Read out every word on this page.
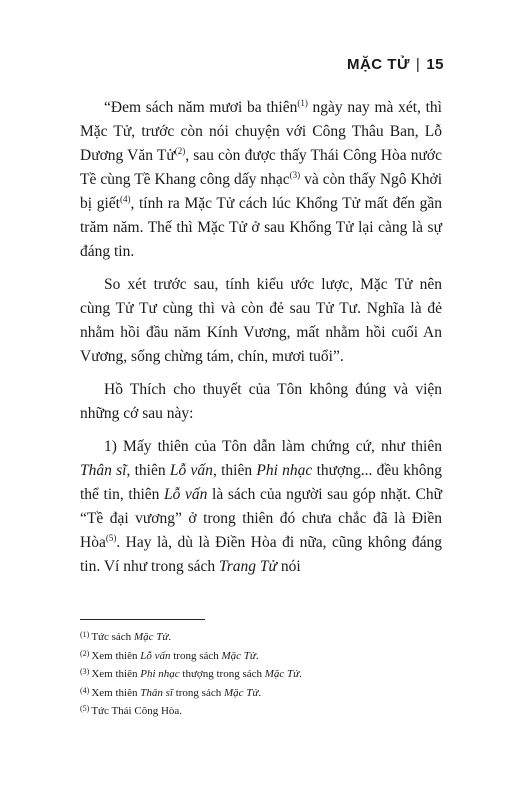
MẶC TỬ | 15

“Đem sách năm mươi ba thiên$^{(1)}$ ngày nay mà xét, thì Mặc Tử, trước còn nói chuyện với Công Thâu Ban, Lỗ Dương Văn Tử$^{(2)}$, sau còn được thấy Thái Công Hòa nước Tề cùng Tề Khang công dấy nhạc$^{(3)}$ và còn thấy Ngô Khởi bị giết$^{(4)}$, tính ra Mặc Tử cách lúc Khổng Tử mất đến gần trăm năm. Thế thì Mặc Tử ở sau Khổng Tử lại càng là sự đáng tin.

So xét trước sau, tính kiểu ước lược, Mặc Tử nên cùng Tử Tư cùng thì và còn đẻ sau Tử Tư. Nghĩa là đẻ nhằm hồi đầu năm Kính Vương, mất nhằm hồi cuối An Vương, sống chừng tám, chín, mươi tuổi”.

Hồ Thích cho thuyết của Tôn không đúng và viện những cớ sau này:

1) Mấy thiên của Tôn dẫn làm chứng cứ, như thiên Thân sĩ, thiên Lỗ vấn, thiên Phi nhạc thượng... đều không thể tin, thiên Lỗ vấn là sách của người sau góp nhặt. Chữ “Tề đại vương” ở trong thiên đó chưa chắc đã là Điền Hòa$^{(5)}$. Hay là, dù là Điền Hòa đi nữa, cũng không đáng tin. Ví như trong sách Trang Tử nói

$^{(1)}$ Tức sách Mặc Tử.

$^{(2)}$ Xem thiên Lỗ vấn trong sách Mặc Tử.

$^{(3)}$ Xem thiên Phi nhạc thượng trong sách Mặc Tử.

$^{(4)}$ Xem thiên Thân sĩ trong sách Mặc Tử.

$^{(5)}$ Tức Thái Công Hòa.
